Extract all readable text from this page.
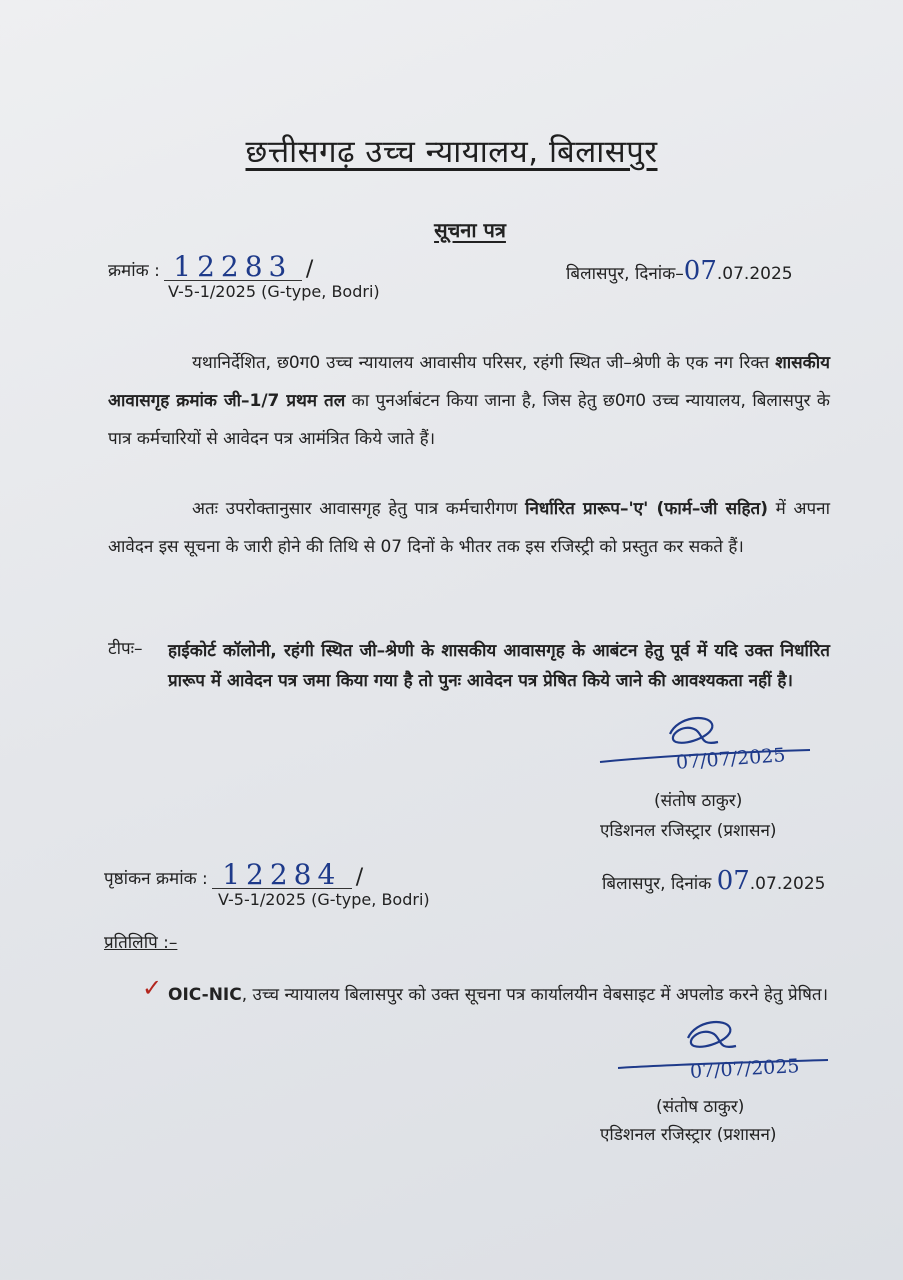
छत्तीसगढ़ उच्च न्यायालय, बिलासपुर
सूचना पत्र
क्रमांक : 12283 /
V-5-1/2025 (G-type, Bodri)
बिलासपुर, दिनांक–07.07.2025
यथानिर्देशित, छ0ग0 उच्च न्यायालय आवासीय परिसर, रहंगी स्थित जी–श्रेणी के एक नग रिक्त शासकीय आवासगृह क्रमांक जी–1/7 प्रथम तल का पुनर्आबंटन किया जाना है, जिस हेतु छ0ग0 उच्च न्यायालय, बिलासपुर के पात्र कर्मचारियों से आवेदन पत्र आमंत्रित किये जाते हैं।
अतः उपरोक्तानुसार आवासगृह हेतु पात्र कर्मचारीगण निर्धारित प्रारूप–'ए' (फार्म–जी सहित) में अपना आवेदन इस सूचना के जारी होने की तिथि से 07 दिनों के भीतर तक इस रजिस्ट्री को प्रस्तुत कर सकते हैं।
टीपः– हाईकोर्ट कॉलोनी, रहंगी स्थित जी–श्रेणी के शासकीय आवासगृह के आबंटन हेतु पूर्व में यदि उक्त निर्धारित प्रारूप में आवेदन पत्र जमा किया गया है तो पुनः आवेदन पत्र प्रेषित किये जाने की आवश्यकता नहीं है।
07/07/2025
(संतोष ठाकुर)
एडिशनल रजिस्ट्रार (प्रशासन)
पृष्ठांकन क्रमांक : 12284 /
V-5-1/2025 (G-type, Bodri)
बिलासपुर, दिनांक 07.07.2025
प्रतिलिपि :–
✓ OIC-NIC, उच्च न्यायालय बिलासपुर को उक्त सूचना पत्र कार्यालयीन वेबसाइट में अपलोड करने हेतु प्रेषित।
07/07/2025
(संतोष ठाकुर)
एडिशनल रजिस्ट्रार (प्रशासन)
